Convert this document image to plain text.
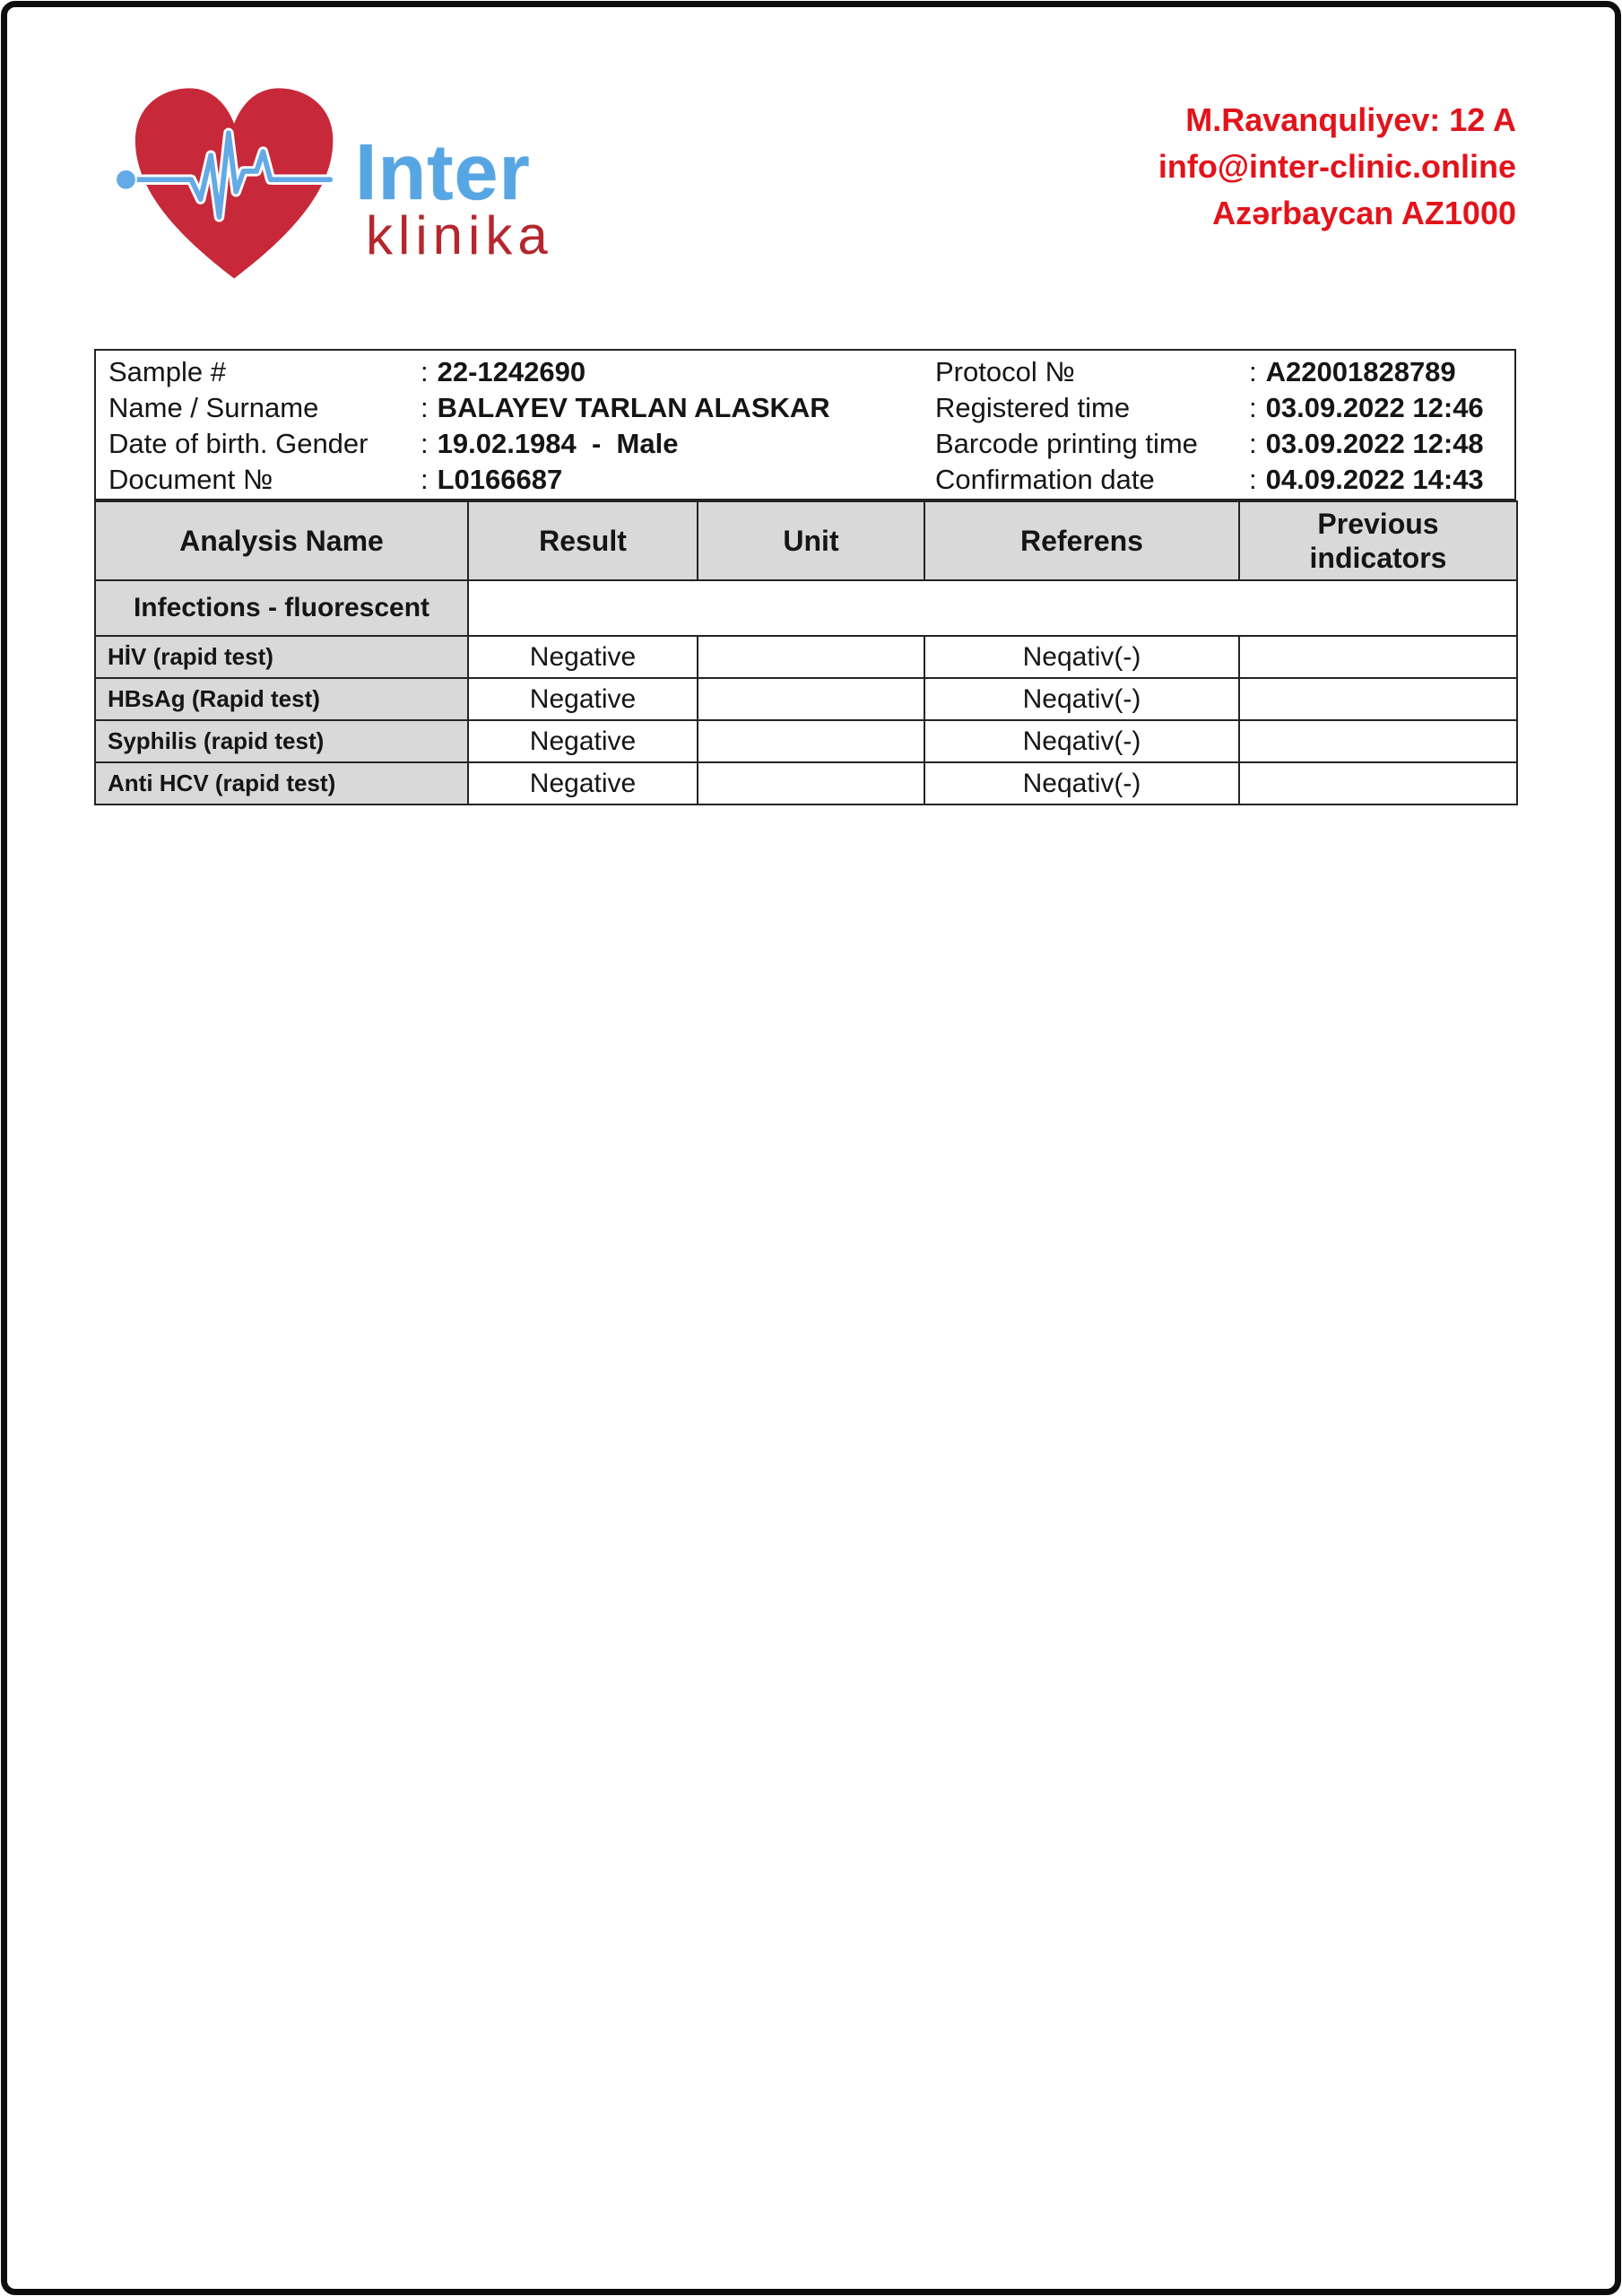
Inter
klinika
M.Ravanquliyev: 12 A
info@inter-clinic.online
Azərbaycan AZ1000
Sample #	: 22-1242690
Name / Surname	: BALAYEV TARLAN ALASKAR
Date of birth. Gender	: 19.02.1984  -  Male
Document №	: L0166687
Protocol №	: A22001828789
Registered time	: 03.09.2022 12:46
Barcode printing time	: 03.09.2022 12:48
Confirmation date	: 04.09.2022 14:43
Analysis Name	Result	Unit	Referens	Previous indicators
Infections - fluorescent				
HİV (rapid test)	Negative		Neqativ(-)	
HBsAg (Rapid test)	Negative		Neqativ(-)	
Syphilis (rapid test)	Negative		Neqativ(-)	
Anti HCV (rapid test)	Negative		Neqativ(-)	
